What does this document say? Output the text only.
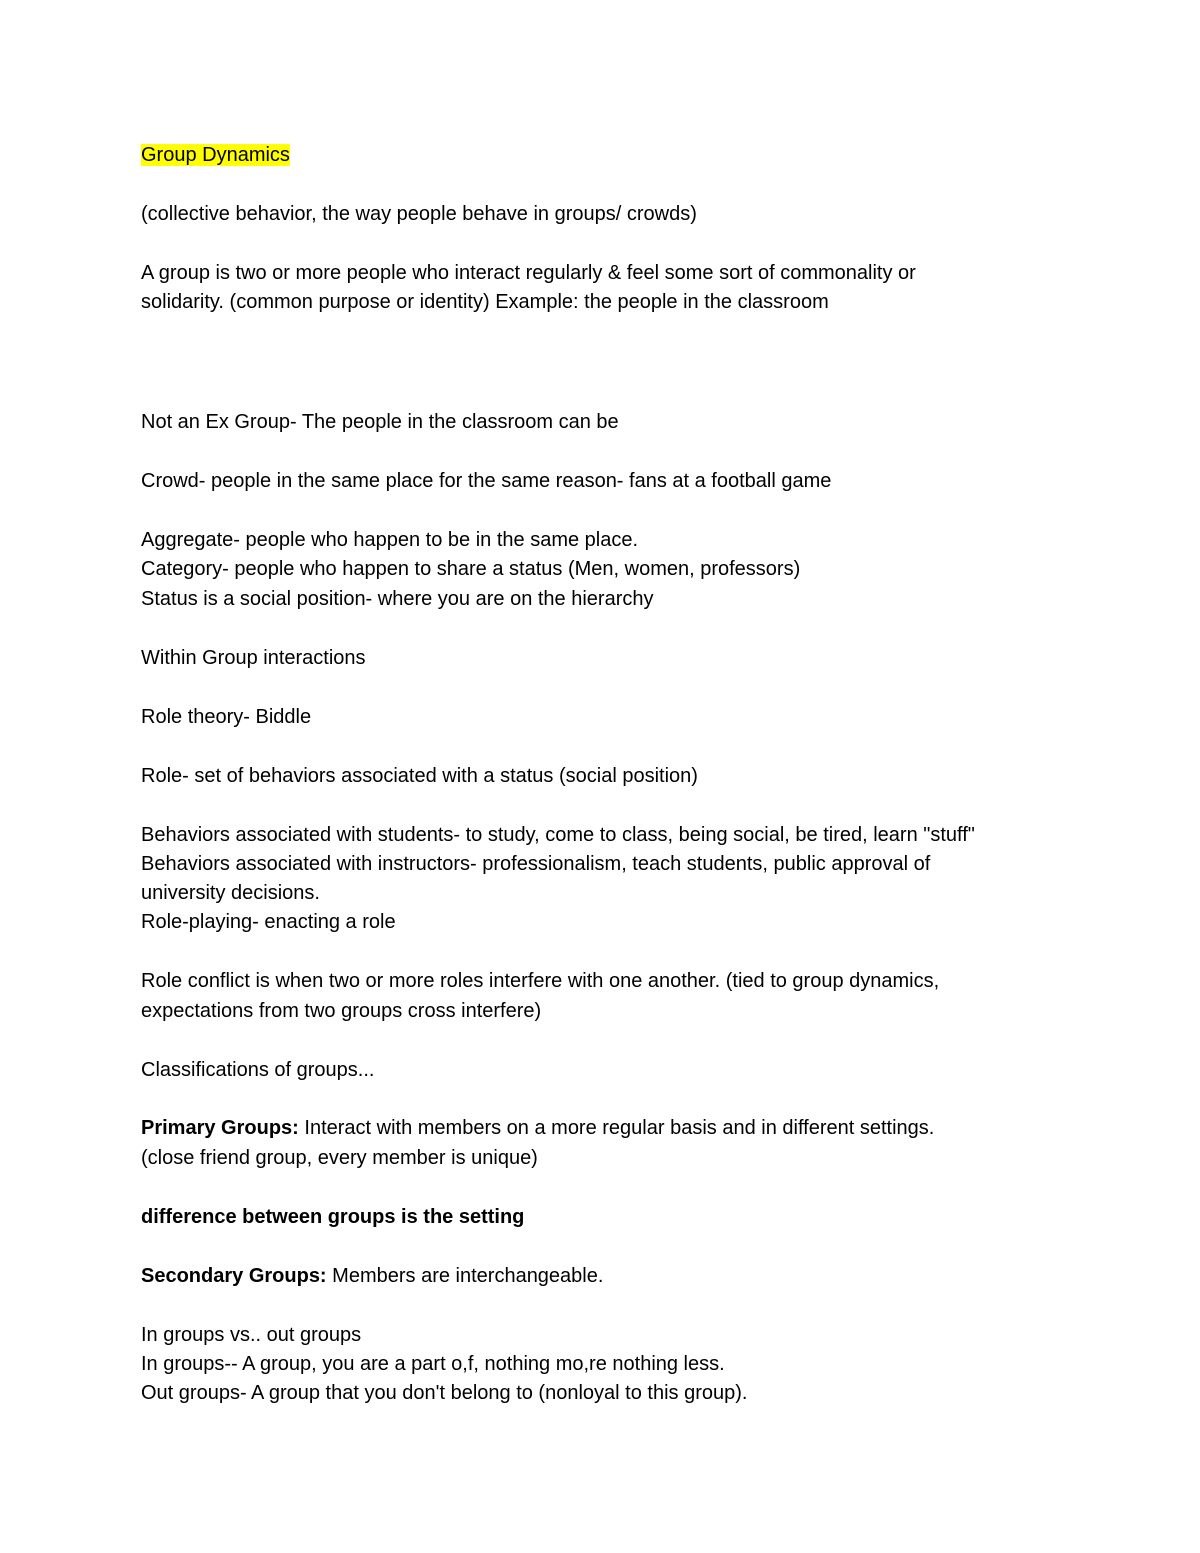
Group Dynamics

(collective behavior, the way people behave in groups/ crowds)

A group is two or more people who interact regularly & feel some sort of commonality or

solidarity. (common purpose or identity) Example: the people in the classroom

Not an Ex Group- The people in the classroom can be

Crowd- people in the same place for the same reason- fans at a football game

Aggregate- people who happen to be in the same place.

Category- people who happen to share a status (Men, women, professors)

Status is a social position- where you are on the hierarchy

Within Group interactions

Role theory- Biddle

Role- set of behaviors associated with a status (social position)

Behaviors associated with students- to study, come to class, being social, be tired, learn "stuff"

Behaviors associated with instructors- professionalism, teach students, public approval of

university decisions.

Role-playing- enacting a role

Role conflict is when two or more roles interfere with one another. (tied to group dynamics,

expectations from two groups cross interfere)

Classifications of groups...

Primary Groups: Interact with members on a more regular basis and in different settings.

(close friend group, every member is unique)

difference between groups is the setting

Secondary Groups: Members are interchangeable.

In groups vs.. out groups

In groups-- A group, you are a part o,f, nothing mo,re nothing less.

Out groups- A group that you don't belong to (nonloyal to this group).
